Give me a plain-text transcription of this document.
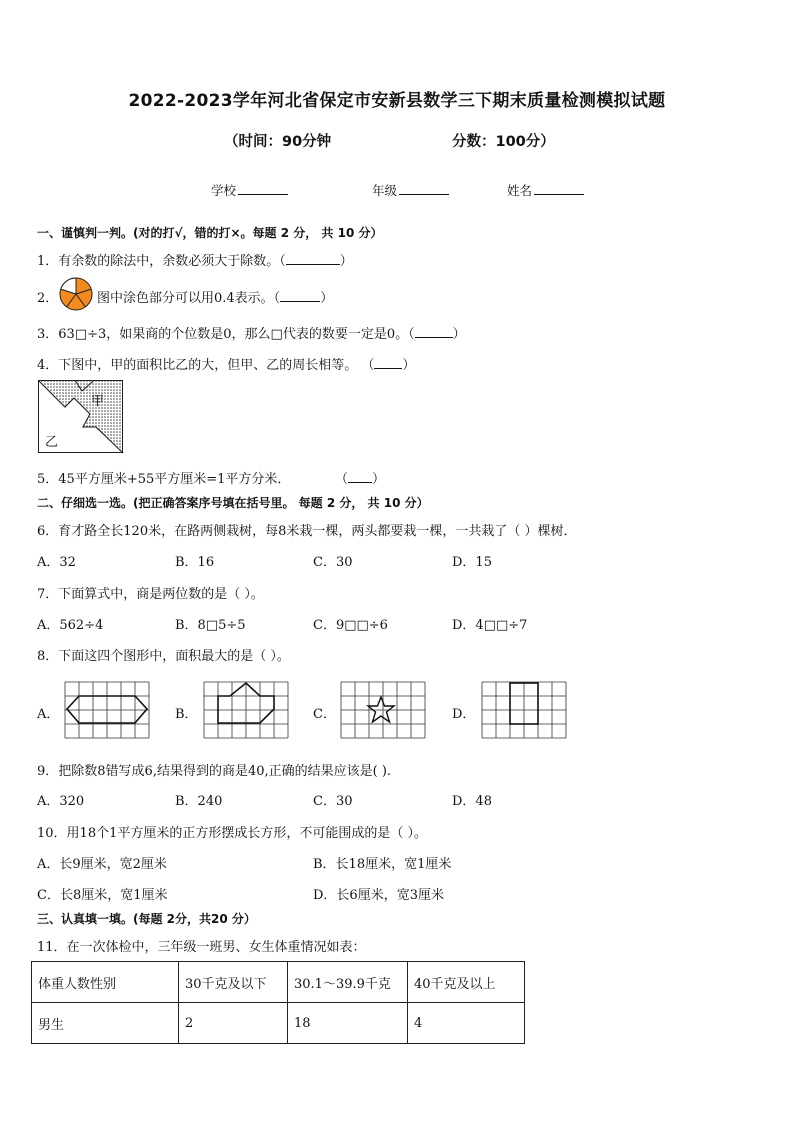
2022-2023学年河北省保定市安新县数学三下期末质量检测模拟试题
（时间：90分钟	分数：100分）
学校	年级	姓名
一、谨慎判一判。(对的打√，错的打×。每题 2 分， 共 10 分）
1．有余数的除法中，余数必须大于除数。（	）
2．	图中涂色部分可以用0.4表示。（	）
3．63□÷3，如果商的个位数是0，那么□代表的数要一定是0。（	）
4．下图中，甲的面积比乙的大，但甲、乙的周长相等。 （ ）
甲
乙
5．45平方厘米+55平方厘米=1平方分米．	（ ）
二、仔细选一选。(把正确答案序号填在括号里。 每题 2 分， 共 10 分）
6．育才路全长120米，在路两侧栽树，每8米栽一棵，两头都要栽一棵，一共栽了（ ）棵树．
A．32	B．16	C．30	D．15
7．下面算式中，商是两位数的是（ ）。
A．562÷4	B．8□5÷5	C．9□□÷6	D．4□□÷7
8．下面这四个图形中，面积最大的是（ ）。
A．	B．	C．	D．
9．把除数8错写成6,结果得到的商是40,正确的结果应该是( ).
A．320	B．240	C．30	D．48
10．用18个1平方厘米的正方形摆成长方形，不可能围成的是（ ）。
A．长9厘米，宽2厘米	B．长18厘米，宽1厘米
C．长8厘米，宽1厘米	D．长6厘米，宽3厘米
三、认真填一填。(每题 2分，共20 分）
11．在一次体检中，三年级一班男、女生体重情况如表：
体重人数性别	30千克及以下	30.1～39.9千克	40千克及以上
男生	2	18	4
